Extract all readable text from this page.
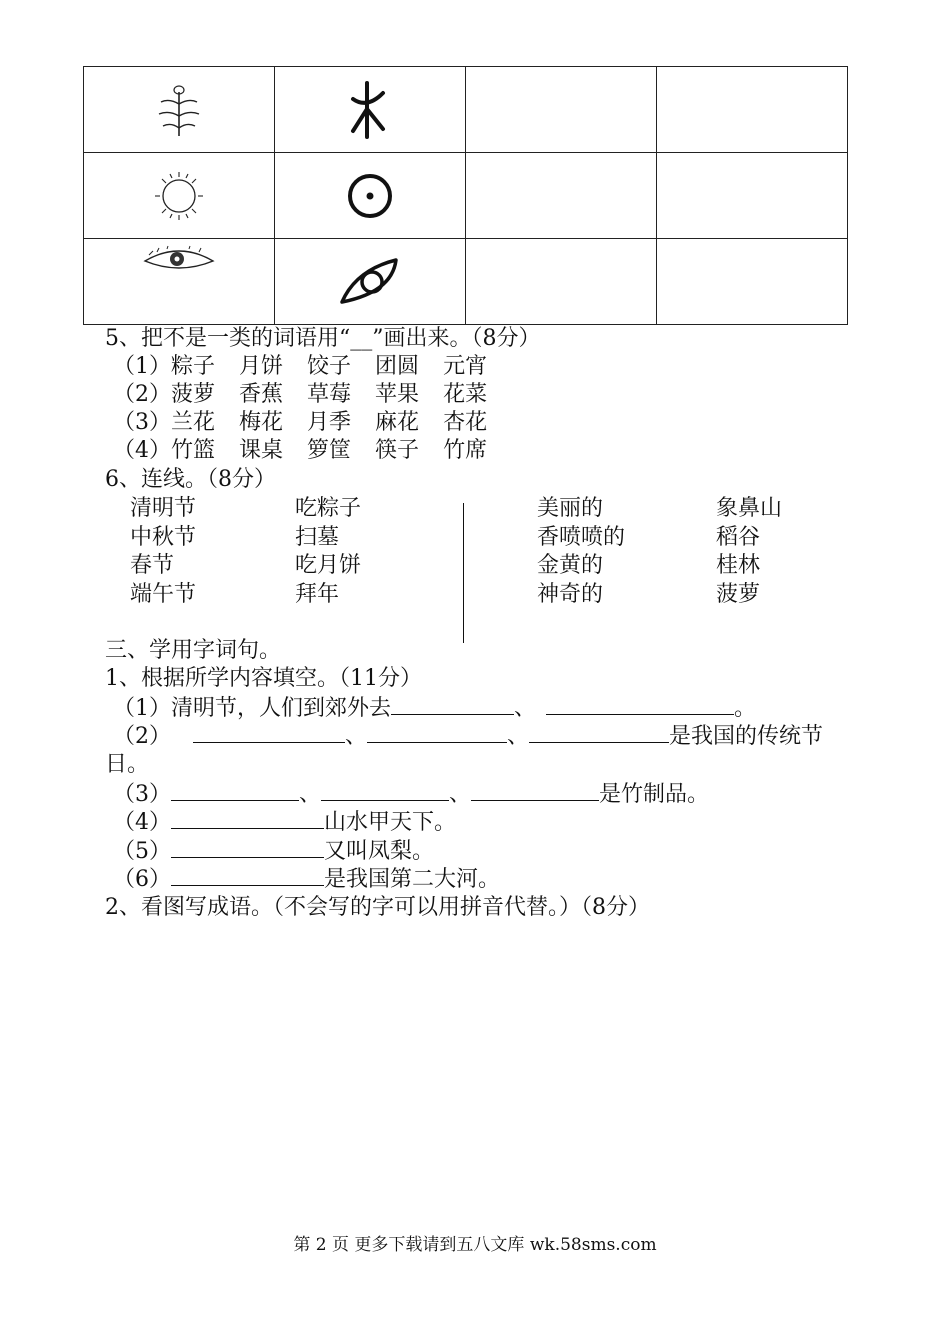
5、把不是一类的词语用“__”画出来。（8分）
（1）粽子 月饼 饺子 团圆 元宵
（2）菠萝 香蕉 草莓 苹果 花菜
（3）兰花 梅花 月季 麻花 杏花
（4）竹篮 课桌 箩筐 筷子 竹席
6、连线。（8分）
清明节
中秋节
春节
端午节
吃粽子
扫墓
吃月饼
拜年
美丽的
香喷喷的
金黄的
神奇的
象鼻山
稻谷
桂林
菠萝
三、学用字词句。
1、根据所学内容填空。（11分）
（1）清明节，人们到郊外去	、	。
（2）	、	、	是我国的传统节
日。
（3）	、	、	是竹制品。
（4）	山水甲天下。
（5）	又叫凤梨。
（6）	是我国第二大河。
2、看图写成语。（不会写的字可以用拼音代替。）（8分）
第 2 页 更多下载请到五八文库 wk.58sms.com
